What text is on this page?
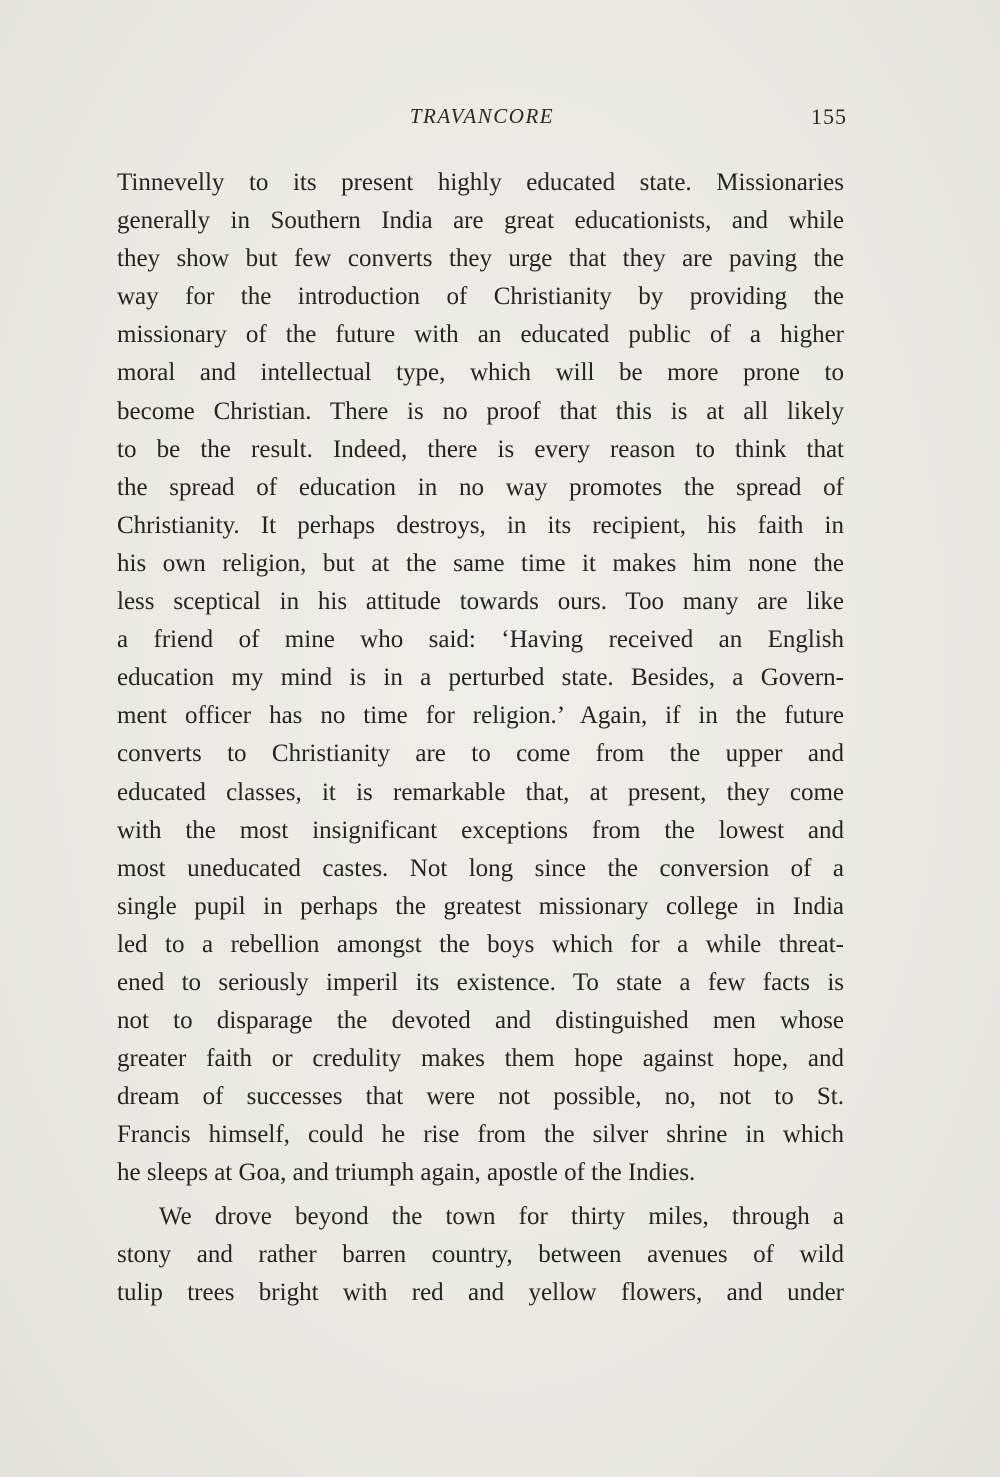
TRAVANCORE	155
Tinnevelly to its present highly educated state. Missionaries
generally in Southern India are great educationists, and while
they show but few converts they urge that they are paving the
way for the introduction of Christianity by providing the
missionary of the future with an educated public of a higher
moral and intellectual type, which will be more prone to
become Christian. There is no proof that this is at all likely
to be the result. Indeed, there is every reason to think that
the spread of education in no way promotes the spread of
Christianity. It perhaps destroys, in its recipient, his faith in
his own religion, but at the same time it makes him none the
less sceptical in his attitude towards ours. Too many are like
a friend of mine who said: ‘Having received an English
education my mind is in a perturbed state. Besides, a Govern-
ment officer has no time for religion.’ Again, if in the future
converts to Christianity are to come from the upper and
educated classes, it is remarkable that, at present, they come
with the most insignificant exceptions from the lowest and
most uneducated castes. Not long since the conversion of a
single pupil in perhaps the greatest missionary college in India
led to a rebellion amongst the boys which for a while threat-
ened to seriously imperil its existence. To state a few facts is
not to disparage the devoted and distinguished men whose
greater faith or credulity makes them hope against hope, and
dream of successes that were not possible, no, not to St.
Francis himself, could he rise from the silver shrine in which
he sleeps at Goa, and triumph again, apostle of the Indies.
We drove beyond the town for thirty miles, through a
stony and rather barren country, between avenues of wild
tulip trees bright with red and yellow flowers, and under
